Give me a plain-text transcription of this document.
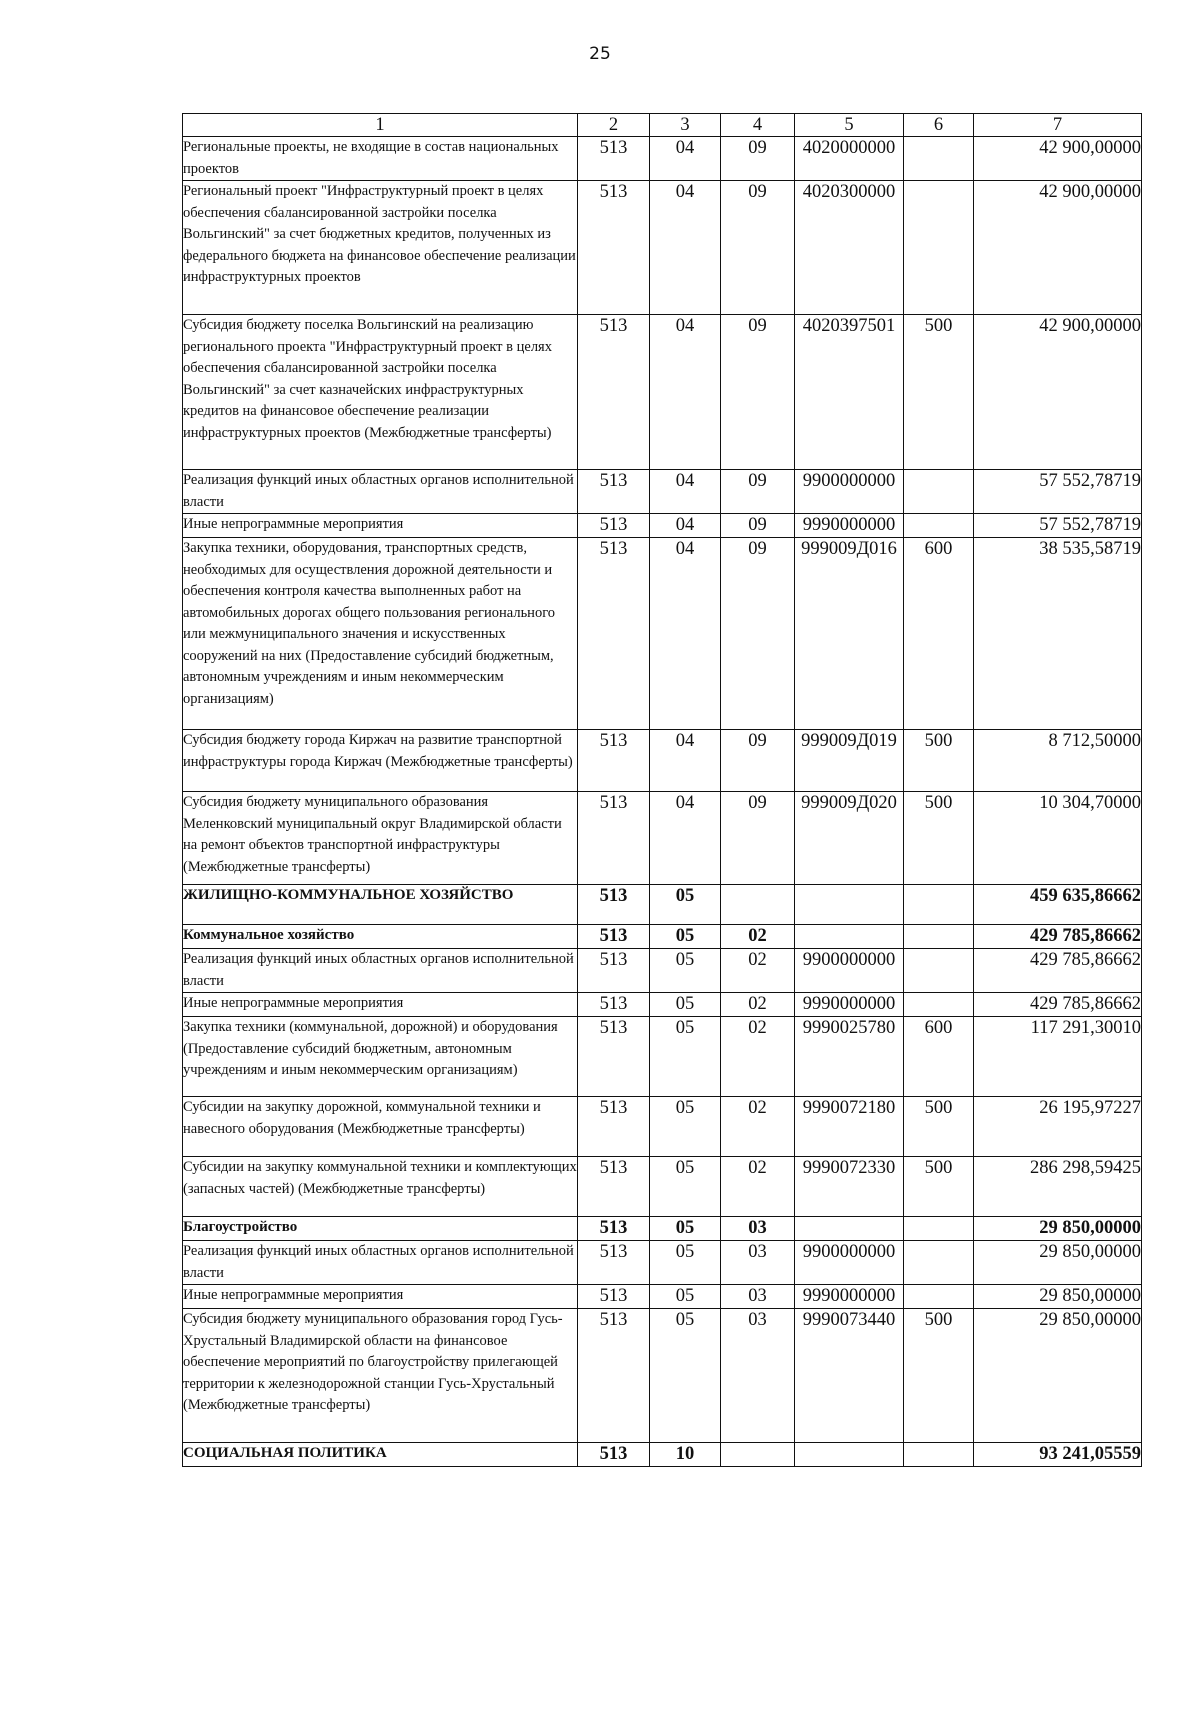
25
1	2	3	4	5	6	7
Региональные проекты, не входящие в состав национальных проектов	513	04	09	4020000000		42 900,00000
Региональный проект "Инфраструктурный проект в целях обеспечения сбалансированной застройки поселка Вольгинский" за счет бюджетных кредитов, полученных из федерального бюджета на финансовое обеспечение реализации инфраструктурных проектов	513	04	09	4020300000		42 900,00000
Субсидия бюджету поселка Вольгинский на реализацию регионального проекта "Инфраструктурный проект в целях обеспечения сбалансированной застройки поселка Вольгинский" за счет казначейских инфраструктурных кредитов на финансовое обеспечение реализации инфраструктурных проектов (Межбюджетные трансферты)	513	04	09	4020397501	500	42 900,00000
Реализация функций иных областных органов исполнительной власти	513	04	09	9900000000		57 552,78719
Иные непрограммные мероприятия	513	04	09	9990000000		57 552,78719
Закупка техники, оборудования, транспортных средств, необходимых для осуществления дорожной деятельности и обеспечения контроля качества выполненных работ на автомобильных дорогах общего пользования регионального или межмуниципального значения и искусственных сооружений на них (Предоставление субсидий бюджетным, автономным учреждениям и иным некоммерческим организациям)	513	04	09	999009Д016	600	38 535,58719
Субсидия бюджету города Киржач на развитие транспортной инфраструктуры города Киржач (Межбюджетные трансферты)	513	04	09	999009Д019	500	8 712,50000
Субсидия бюджету муниципального образования Меленковский муниципальный округ Владимирской области на ремонт объектов транспортной инфраструктуры (Межбюджетные трансферты)	513	04	09	999009Д020	500	10 304,70000
ЖИЛИЩНО-КОММУНАЛЬНОЕ ХОЗЯЙСТВО	513	05				459 635,86662
Коммунальное хозяйство	513	05	02			429 785,86662
Реализация функций иных областных органов исполнительной власти	513	05	02	9900000000		429 785,86662
Иные непрограммные мероприятия	513	05	02	9990000000		429 785,86662
Закупка техники (коммунальной, дорожной) и оборудования (Предоставление субсидий бюджетным, автономным учреждениям и иным некоммерческим организациям)	513	05	02	9990025780	600	117 291,30010
Субсидии на закупку дорожной, коммунальной техники и навесного оборудования (Межбюджетные трансферты)	513	05	02	9990072180	500	26 195,97227
Субсидии на закупку коммунальной техники и комплектующих (запасных частей) (Межбюджетные трансферты)	513	05	02	9990072330	500	286 298,59425
Благоустройство	513	05	03			29 850,00000
Реализация функций иных областных органов исполнительной власти	513	05	03	9900000000		29 850,00000
Иные непрограммные мероприятия	513	05	03	9990000000		29 850,00000
Субсидия бюджету муниципального образования город Гусь-Хрустальный Владимирской области на финансовое обеспечение мероприятий по благоустройству прилегающей территории к железнодорожной станции Гусь-Хрустальный (Межбюджетные трансферты)	513	05	03	9990073440	500	29 850,00000
СОЦИАЛЬНАЯ ПОЛИТИКА	513	10				93 241,05559
